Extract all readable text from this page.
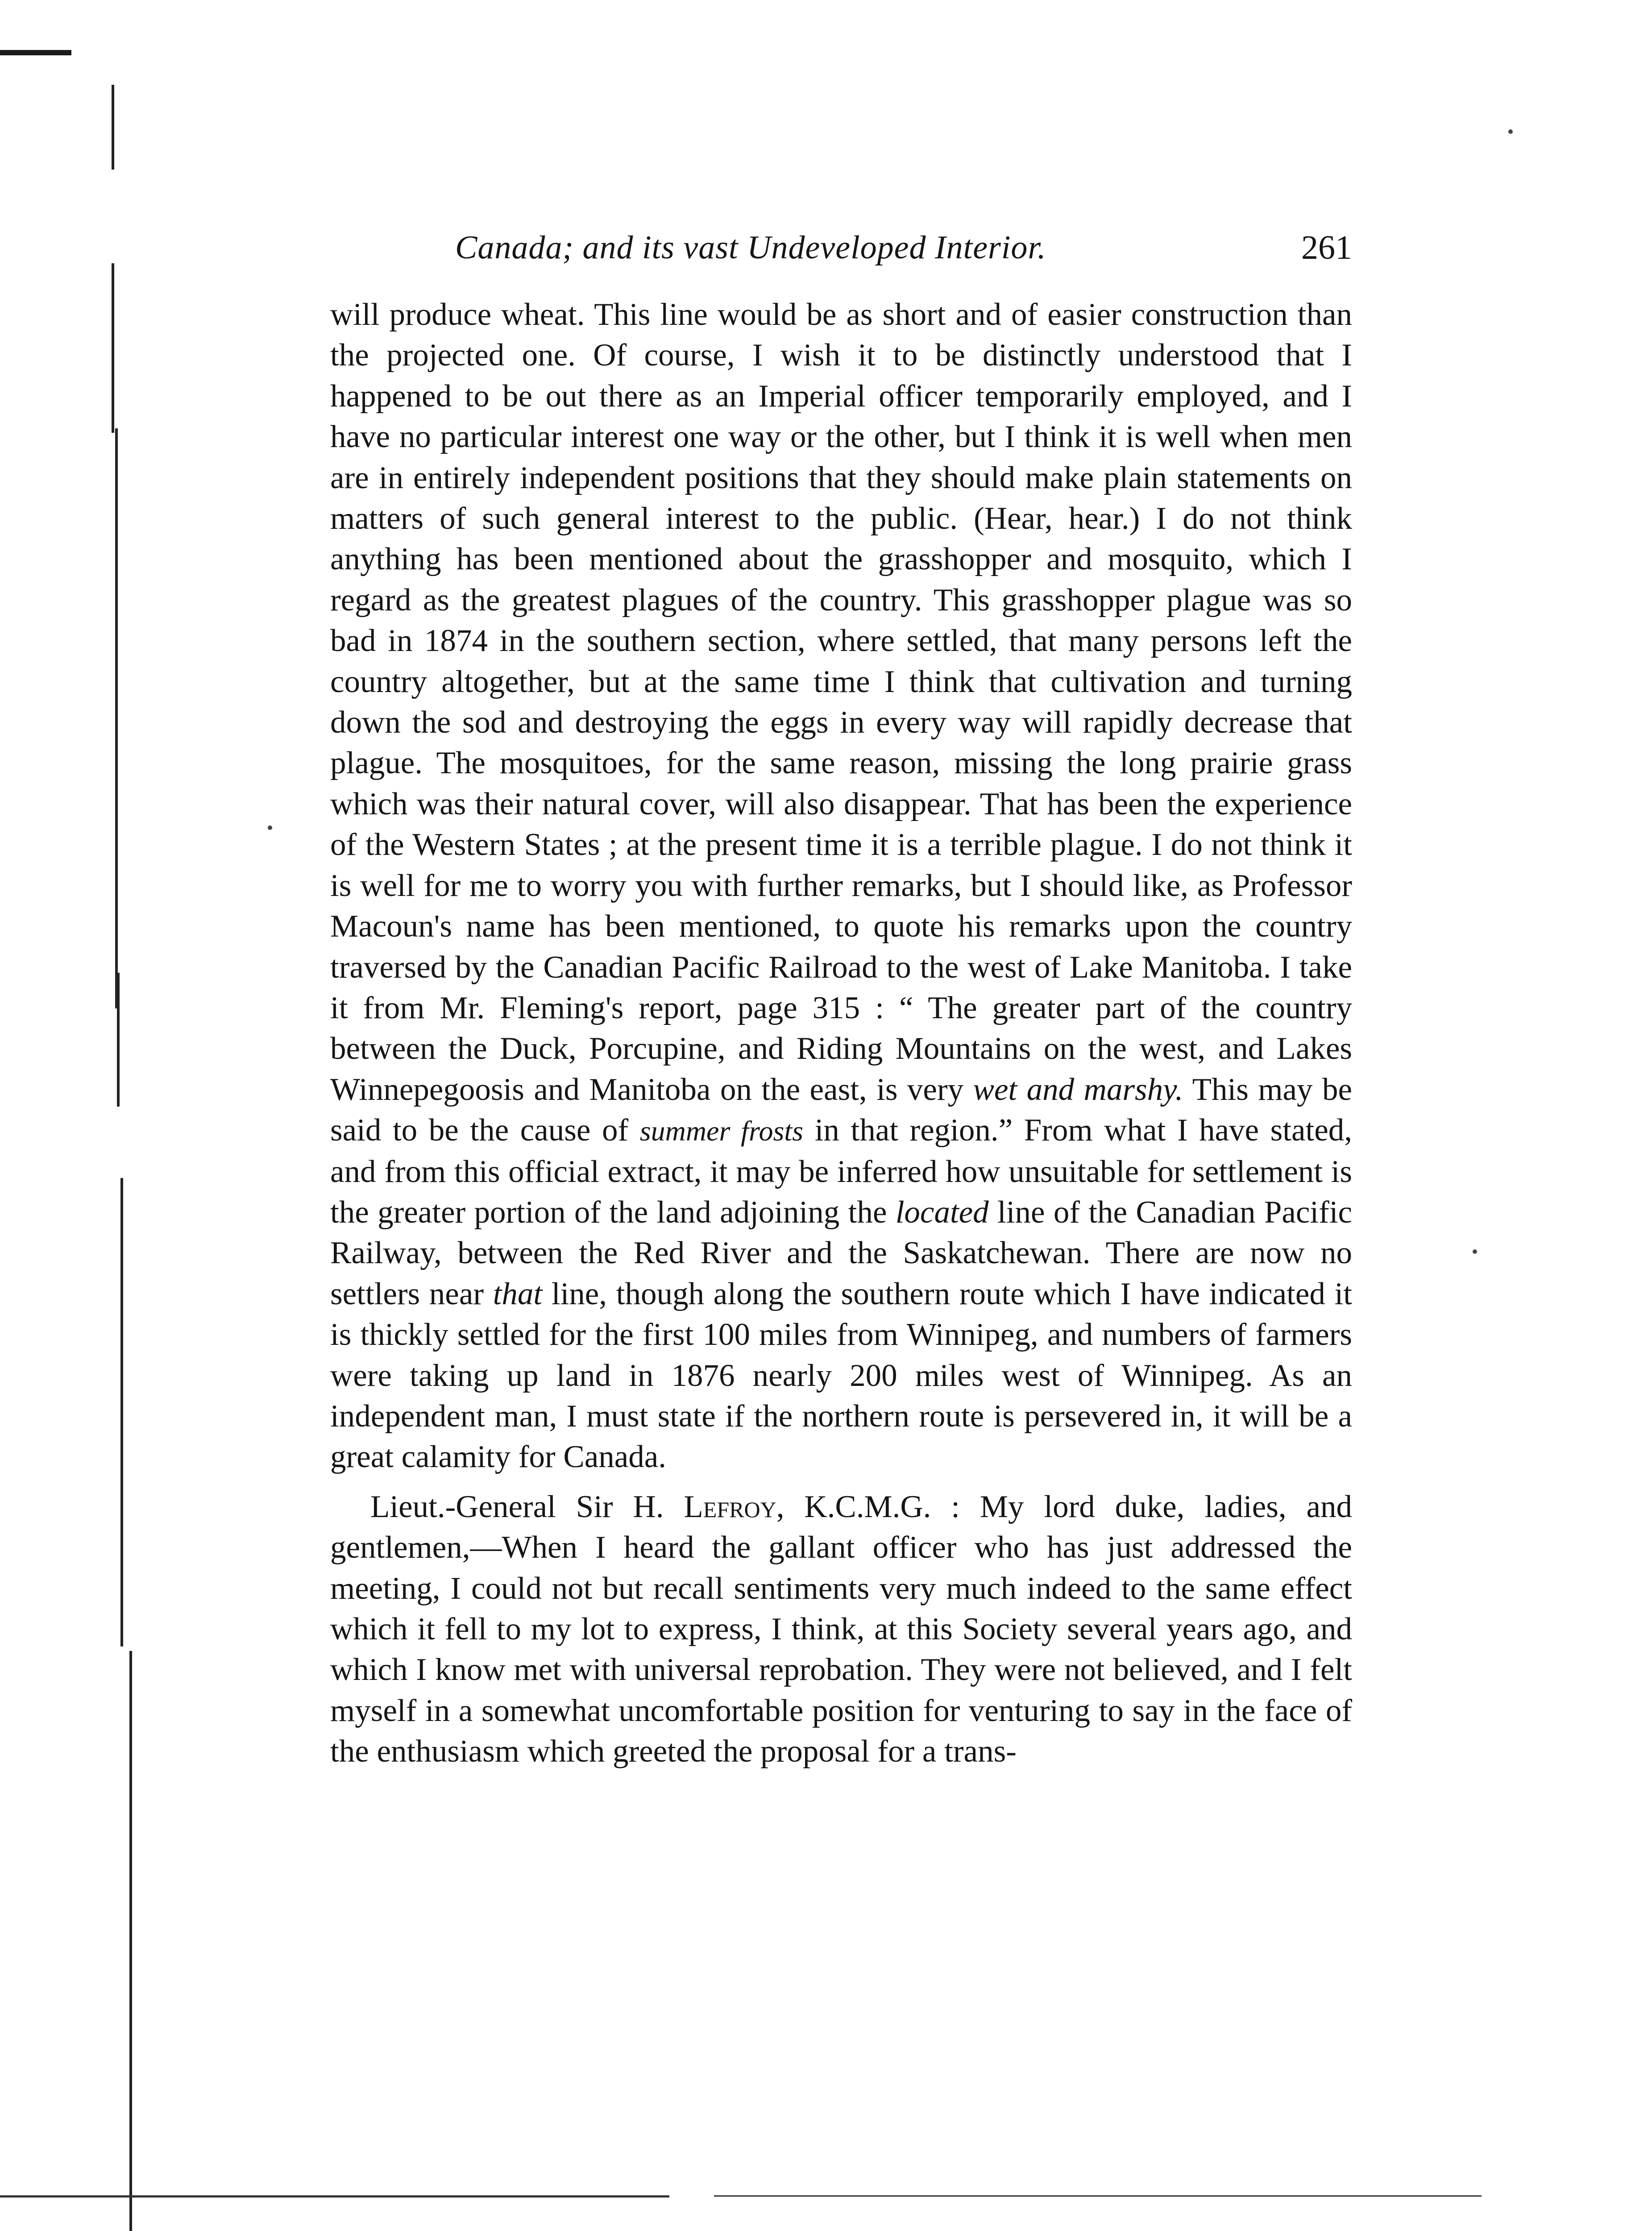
Canada; and its vast Undeveloped Interior.	261

will produce wheat. This line would be as short and of easier construction than the projected one. Of course, I wish it to be distinctly understood that I happened to be out there as an Imperial officer temporarily employed, and I have no particular interest one way or the other, but I think it is well when men are in entirely independent positions that they should make plain statements on matters of such general interest to the public. (Hear, hear.) I do not think anything has been mentioned about the grasshopper and mosquito, which I regard as the greatest plagues of the country. This grasshopper plague was so bad in 1874 in the southern section, where settled, that many persons left the country altogether, but at the same time I think that cultivation and turning down the sod and destroying the eggs in every way will rapidly decrease that plague. The mosquitoes, for the same reason, missing the long prairie grass which was their natural cover, will also disappear. That has been the experience of the Western States ; at the present time it is a terrible plague. I do not think it is well for me to worry you with further remarks, but I should like, as Professor Macoun's name has been mentioned, to quote his remarks upon the country traversed by the Canadian Pacific Railroad to the west of Lake Manitoba. I take it from Mr. Fleming's report, page 315 : “ The greater part of the country between the Duck, Porcupine, and Riding Mountains on the west, and Lakes Winnepegoosis and Manitoba on the east, is very wet and marshy. This may be said to be the cause of summer frosts in that region.” From what I have stated, and from this official extract, it may be inferred how unsuitable for settlement is the greater portion of the land adjoining the located line of the Canadian Pacific Railway, between the Red River and the Saskatchewan. There are now no settlers near that line, though along the southern route which I have indicated it is thickly settled for the first 100 miles from Winnipeg, and numbers of farmers were taking up land in 1876 nearly 200 miles west of Winnipeg. As an independent man, I must state if the northern route is persevered in, it will be a great calamity for Canada.

Lieut.-General Sir H. Lefroy, K.C.M.G. : My lord duke, ladies, and gentlemen,—When I heard the gallant officer who has just addressed the meeting, I could not but recall sentiments very much indeed to the same effect which it fell to my lot to express, I think, at this Society several years ago, and which I know met with universal reprobation. They were not believed, and I felt myself in a somewhat uncomfortable position for venturing to say in the face of the enthusiasm which greeted the proposal for a trans-
